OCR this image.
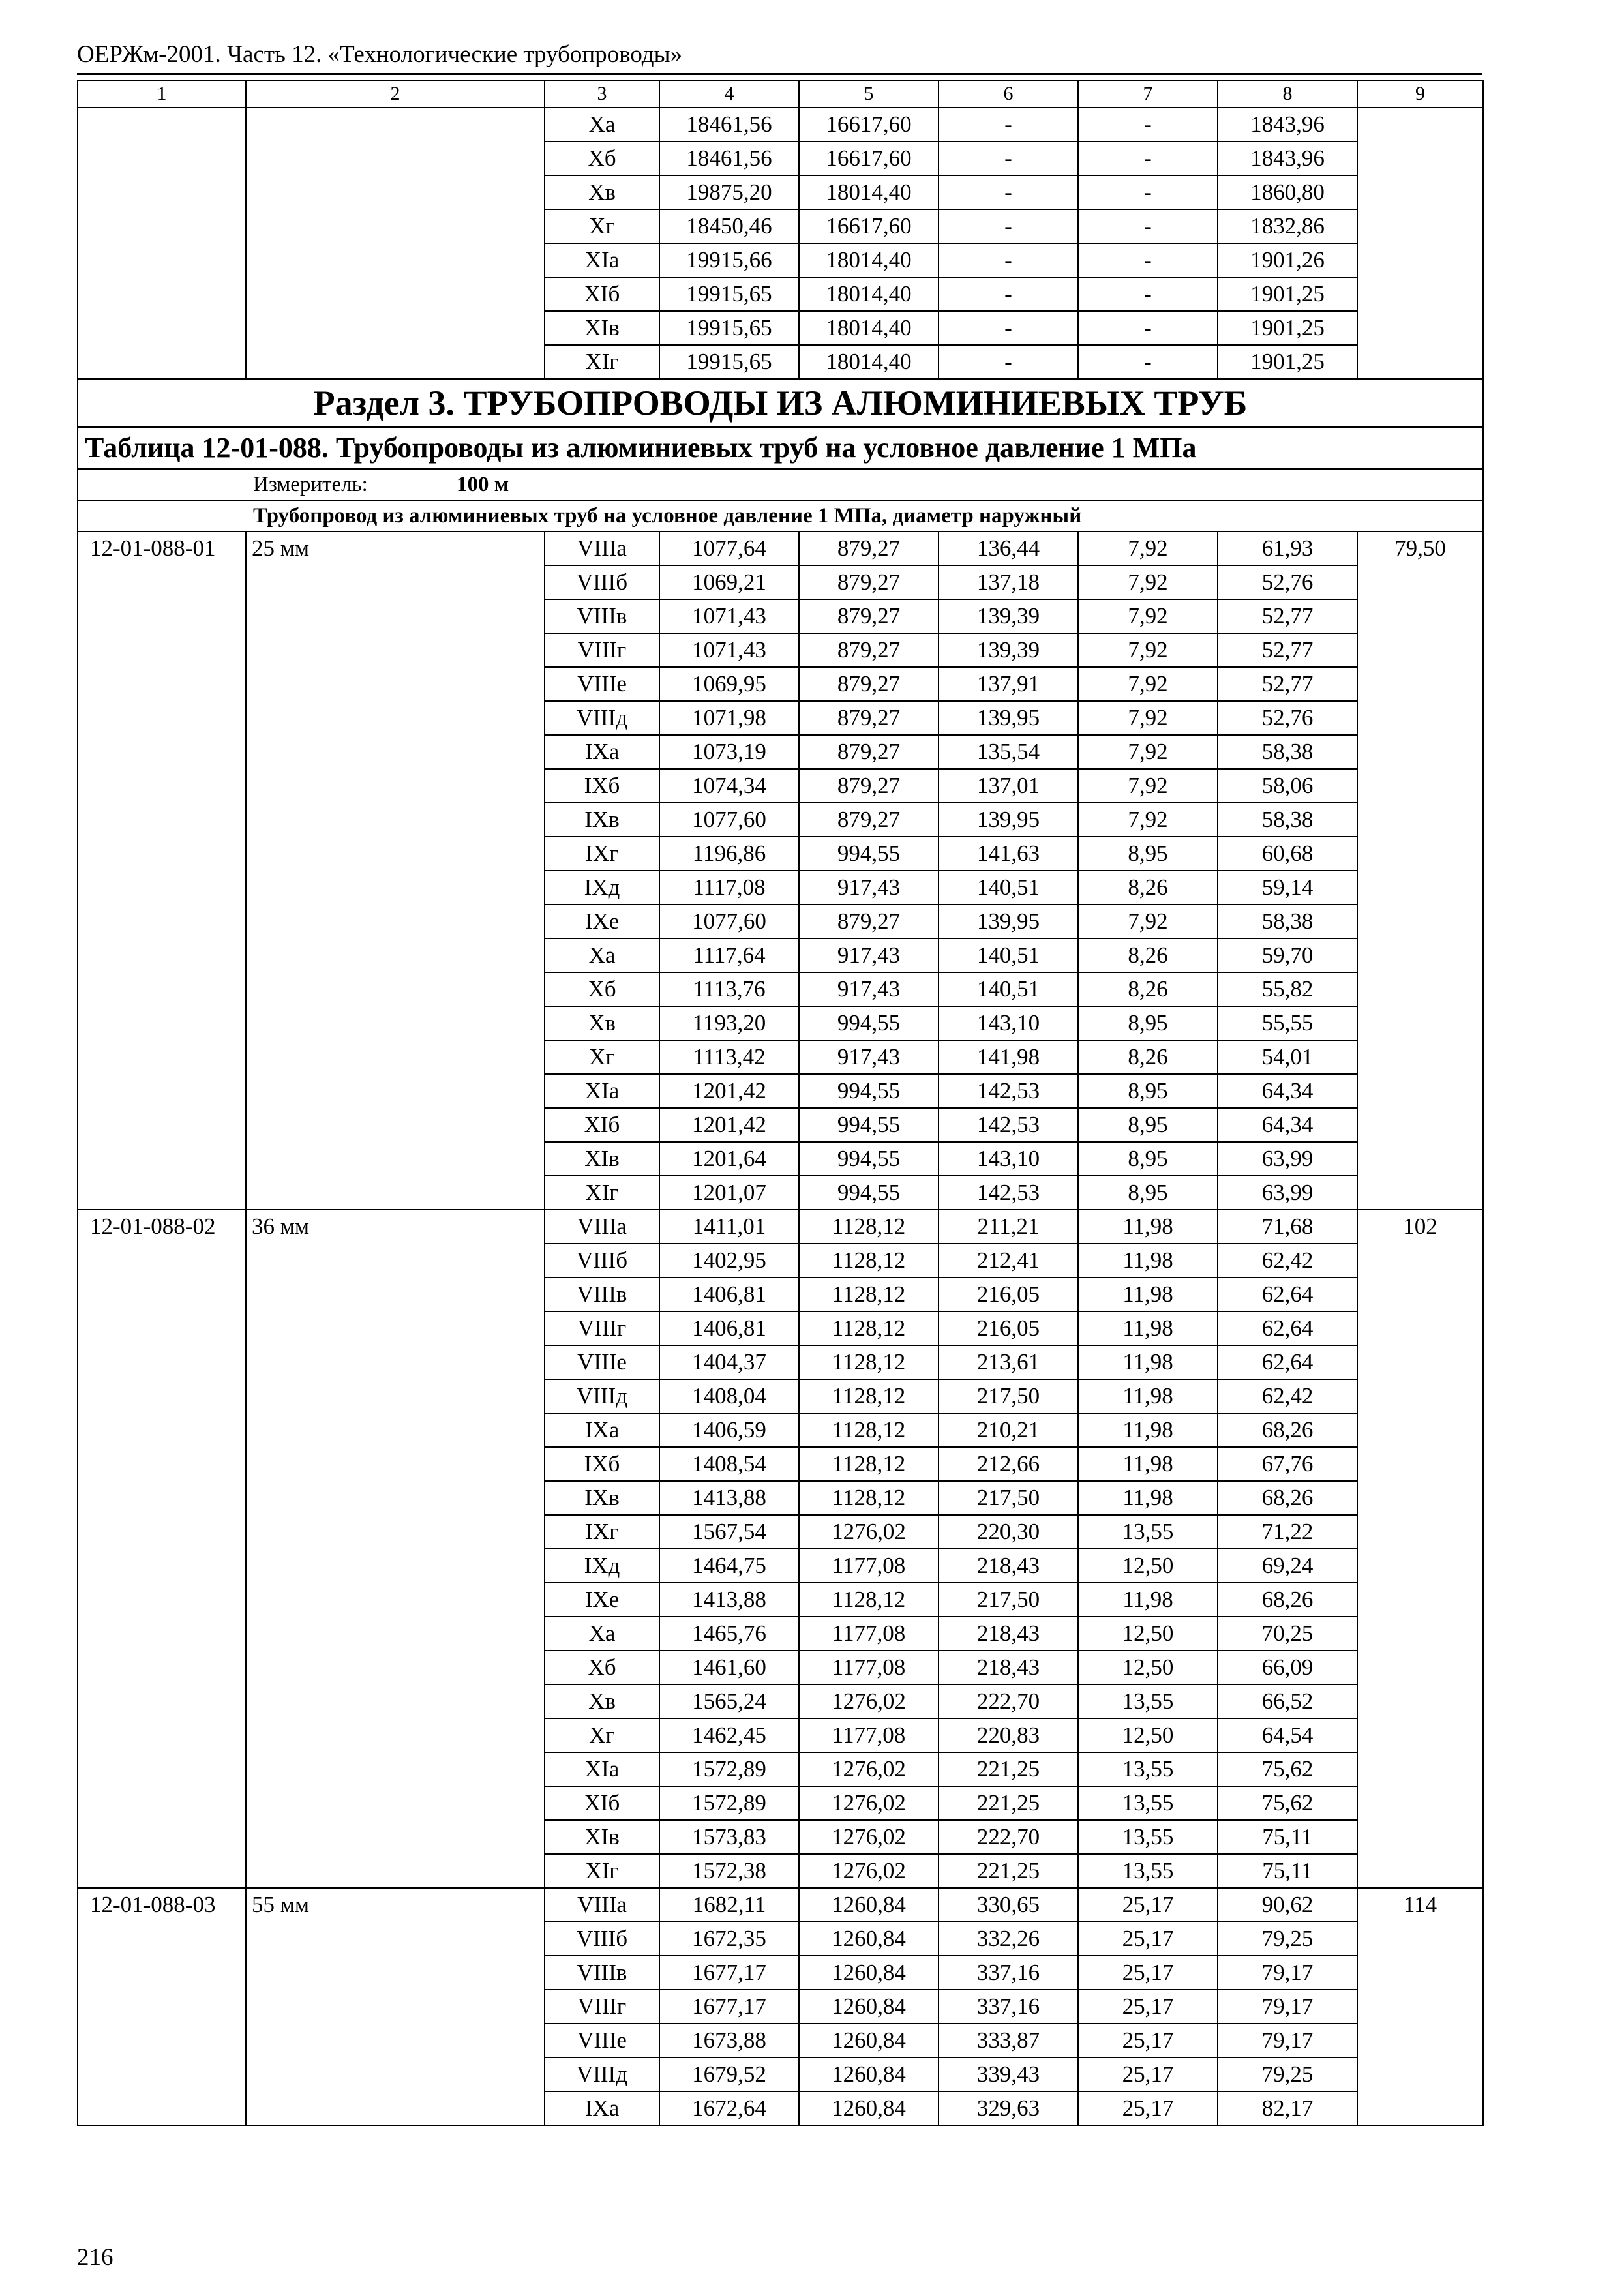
ОЕРЖм-2001. Часть 12. «Технологические трубопроводы»
1	2	3	4	5	6	7	8	9
		Xa	18461,56	16617,60	-	-	1843,96	
		Xб	18461,56	16617,60	-	-	1843,96	
		Xв	19875,20	18014,40	-	-	1860,80	
		Xг	18450,46	16617,60	-	-	1832,86	
		XIa	19915,66	18014,40	-	-	1901,26	
		XIб	19915,65	18014,40	-	-	1901,25	
		XIв	19915,65	18014,40	-	-	1901,25	
		XIг	19915,65	18014,40	-	-	1901,25	
Раздел 3. ТРУБОПРОВОДЫ ИЗ АЛЮМИНИЕВЫХ ТРУБ								
Таблица 12-01-088. Трубопроводы из алюминиевых труб на условное давление 1 МПа								
Измеритель: 100 м								
Трубопровод из алюминиевых труб на условное давление 1 МПа, диаметр наружный								
12-01-088-01	25 мм	VIIIa	1077,64	879,27	136,44	7,92	61,93	79,50
		VIIIб	1069,21	879,27	137,18	7,92	52,76	
		VIIIв	1071,43	879,27	139,39	7,92	52,77	
		VIIIг	1071,43	879,27	139,39	7,92	52,77	
		VIIIe	1069,95	879,27	137,91	7,92	52,77	
		VIIIд	1071,98	879,27	139,95	7,92	52,76	
		IXa	1073,19	879,27	135,54	7,92	58,38	
		IXб	1074,34	879,27	137,01	7,92	58,06	
		IXв	1077,60	879,27	139,95	7,92	58,38	
		IXг	1196,86	994,55	141,63	8,95	60,68	
		IXд	1117,08	917,43	140,51	8,26	59,14	
		IXe	1077,60	879,27	139,95	7,92	58,38	
		Xa	1117,64	917,43	140,51	8,26	59,70	
		Xб	1113,76	917,43	140,51	8,26	55,82	
		Xв	1193,20	994,55	143,10	8,95	55,55	
		Xг	1113,42	917,43	141,98	8,26	54,01	
		XIa	1201,42	994,55	142,53	8,95	64,34	
		XIб	1201,42	994,55	142,53	8,95	64,34	
		XIв	1201,64	994,55	143,10	8,95	63,99	
		XIг	1201,07	994,55	142,53	8,95	63,99	
12-01-088-02	36 мм	VIIIa	1411,01	1128,12	211,21	11,98	71,68	102
		VIIIб	1402,95	1128,12	212,41	11,98	62,42	
		VIIIв	1406,81	1128,12	216,05	11,98	62,64	
		VIIIг	1406,81	1128,12	216,05	11,98	62,64	
		VIIIe	1404,37	1128,12	213,61	11,98	62,64	
		VIIIд	1408,04	1128,12	217,50	11,98	62,42	
		IXa	1406,59	1128,12	210,21	11,98	68,26	
		IXб	1408,54	1128,12	212,66	11,98	67,76	
		IXв	1413,88	1128,12	217,50	11,98	68,26	
		IXг	1567,54	1276,02	220,30	13,55	71,22	
		IXд	1464,75	1177,08	218,43	12,50	69,24	
		IXe	1413,88	1128,12	217,50	11,98	68,26	
		Xa	1465,76	1177,08	218,43	12,50	70,25	
		Xб	1461,60	1177,08	218,43	12,50	66,09	
		Xв	1565,24	1276,02	222,70	13,55	66,52	
		Xг	1462,45	1177,08	220,83	12,50	64,54	
		XIa	1572,89	1276,02	221,25	13,55	75,62	
		XIб	1572,89	1276,02	221,25	13,55	75,62	
		XIв	1573,83	1276,02	222,70	13,55	75,11	
		XIг	1572,38	1276,02	221,25	13,55	75,11	
12-01-088-03	55 мм	VIIIa	1682,11	1260,84	330,65	25,17	90,62	114
		VIIIб	1672,35	1260,84	332,26	25,17	79,25	
		VIIIв	1677,17	1260,84	337,16	25,17	79,17	
		VIIIг	1677,17	1260,84	337,16	25,17	79,17	
		VIIIe	1673,88	1260,84	333,87	25,17	79,17	
		VIIIд	1679,52	1260,84	339,43	25,17	79,25	
		IXa	1672,64	1260,84	329,63	25,17	82,17	
216
